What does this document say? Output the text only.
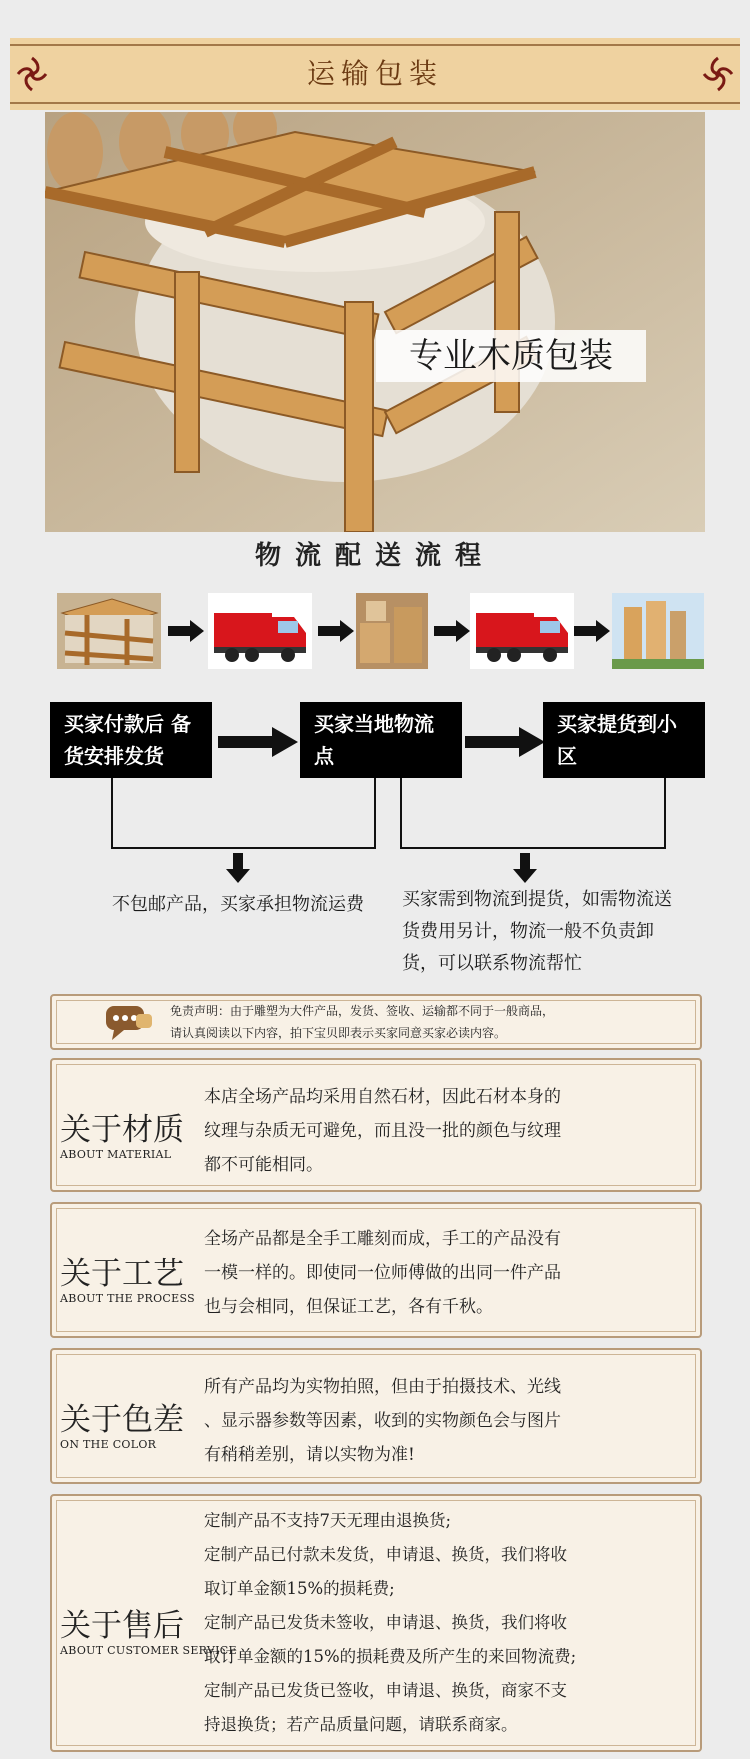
运输包装
专业木质包装
物流配送流程
买家付款后 备货安排发货
买家当地物流 点
买家提货到小 区
不包邮产品，买家承担物流运费	买家需到物流到提货，如需物流送货费用另计，物流一般不负责卸货，可以联系物流帮忙
免责声明：由于雕塑为大件产品，发货、签收、运输都不同于一般商品，
请认真阅读以下内容，拍下宝贝即表示买家同意买家必读内容。
关于材质
ABOUT MATERIAL
本店全场产品均采用自然石材，因此石材本身的
纹理与杂质无可避免，而且没一批的颜色与纹理
都不可能相同。
关于工艺
ABOUT THE PROCESS
全场产品都是全手工雕刻而成，手工的产品没有
一模一样的。即使同一位师傅做的出同一件产品
也与会相同，但保证工艺，各有千秋。
关于色差
ON THE COLOR
所有产品均为实物拍照，但由于拍摄技术、光线
、显示器参数等因素，收到的实物颜色会与图片
有稍稍差别，请以实物为准!
关于售后
ABOUT CUSTOMER SERVICE
定制产品不支持7天无理由退换货;
定制产品已付款未发货，申请退、换货，我们将收
取订单金额15%的损耗费;
定制产品已发货未签收，申请退、换货，我们将收
取订单金额的15%的损耗费及所产生的来回物流费;
定制产品已发货已签收，申请退、换货，商家不支
持退换货；若产品质量问题，请联系商家。
